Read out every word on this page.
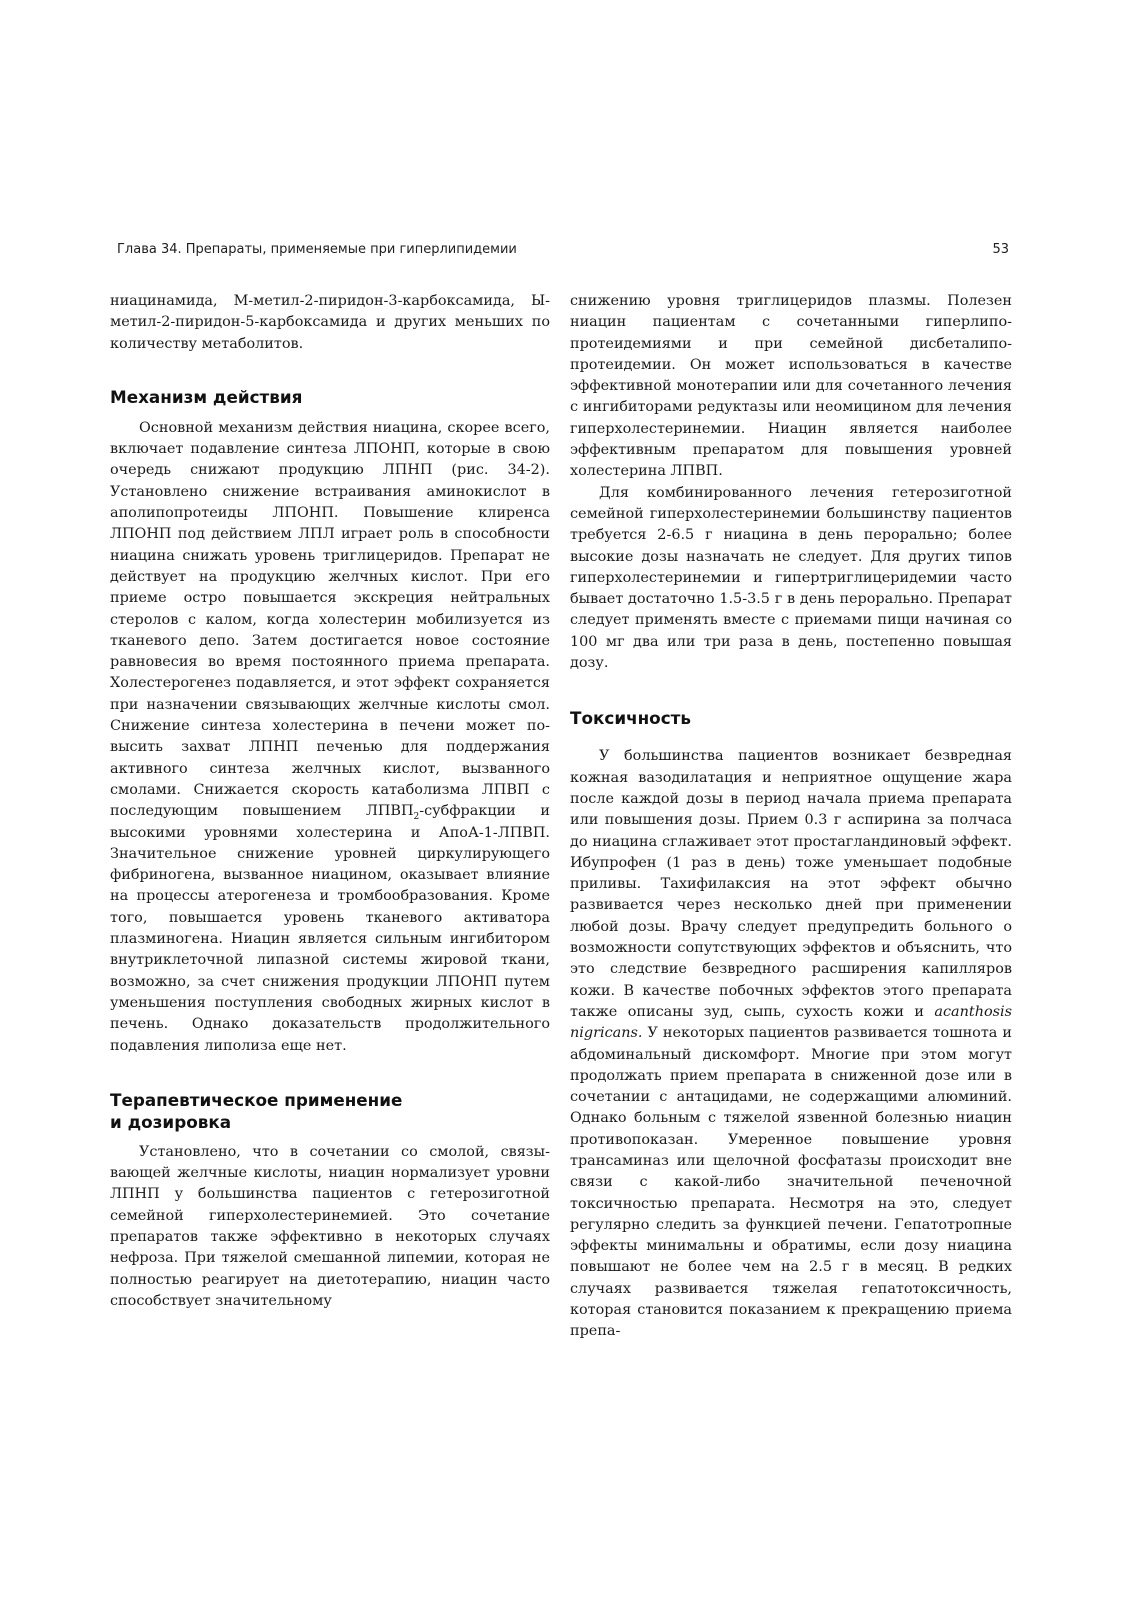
Глава 34. Препараты, применяемые при гиперлипидемии	53

ниацинамида, М-метил-2-пиридон-3-карбоксамида, Ы-метил-2-пиридон-5-карбоксамида и других меньших по количеству метаболитов.

Механизм действия

Основной механизм действия ниацина, скорее всего, включает подавление синтеза ЛПОНП, которые в свою очередь снижают продукцию ЛПНП (рис. 34-2). Установлено снижение встраивания аминокислот в аполипопротеиды ЛПОНП. Повышение клиренса ЛПОНП под действием ЛПЛ играет роль в способности ниацина снижать уровень триглицеридов. Препарат не действует на продукцию желчных кислот. При его приеме остро повышается экскреция нейтральных стеролов с калом, когда холестерин мобилизуется из тканевого депо. Затем достигается новое состояние равновесия во время постоянного приема препарата. Холестерогенез подавляется, и этот эффект сохраняется при назначении связывающих желчные кислоты смол. Снижение синтеза холестерина в печени может повысить захват ЛПНП печенью для поддержания активного синтеза желчных кислот, вызванного смолами. Снижается скорость катаболизма ЛПВП с последующим повышением $ЛПВП_2$-субфракции и высокими уровнями холестерина и АпоА-1-ЛПВП. Значительное снижение уровней циркулирующего фибриногена, вызванное ниацином, оказывает влияние на процессы атерогенеза и тромбообразования. Кроме того, повышается уровень тканевого активатора плазминогена. Ниацин является сильным ингибитором внутриклеточной липазной системы жировой ткани, возможно, за счет снижения продукции ЛПОНП путем уменьшения поступления свободных жирных кислот в печень. Однако доказательств продолжительного подавления липолиза еще нет.

Терапевтическое применение
и дозировка

Установлено, что в сочетании со смолой, связывающей желчные кислоты, ниацин нормализует уровни ЛПНП у большинства пациентов с гетерозиготной семейной гиперхолестеринемией. Это сочетание препаратов также эффективно в некоторых случаях нефроза. При тяжелой смешанной липемии, которая не полностью реагирует на диетотерапию, ниацин часто способствует значительному

снижению уровня триглицеридов плазмы. Полезен ниацин пациентам с сочетанными гиперлипопротеидемиями и при семейной дисбеталипопротеидемии. Он может использоваться в качестве эффективной монотерапии или для сочетанного лечения с ингибиторами редуктазы или неомицином для лечения гиперхолестеринемии. Ниацин является наиболее эффективным препаратом для повышения уровней холестерина ЛПВП.

Для комбинированного лечения гетерозиготной семейной гиперхолестеринемии большинству пациентов требуется 2-6.5 г ниацина в день перорально; более высокие дозы назначать не следует. Для других типов гиперхолестеринемии и гипертриглицеридемии часто бывает достаточно 1.5-3.5 г в день перорально. Препарат следует применять вместе с приемами пищи начиная со 100 мг два или три раза в день, постепенно повышая дозу.

Токсичность

У большинства пациентов возникает безвредная кожная вазодилатация и неприятное ощущение жара после каждой дозы в период начала приема препарата или повышения дозы. Прием 0.3 г аспирина за полчаса до ниацина сглаживает этот простагландиновый эффект. Ибупрофен (1 раз в день) тоже уменьшает подобные приливы. Тахифилаксия на этот эффект обычно развивается через несколько дней при применении любой дозы. Врачу следует предупредить больного о возможности сопутствующих эффектов и объяснить, что это следствие безвредного расширения капилляров кожи. В качестве побочных эффектов этого препарата также описаны зуд, сыпь, сухость кожи и acanthosis nigricans. У некоторых пациентов развивается тошнота и абдоминальный дискомфорт. Многие при этом могут продолжать прием препарата в сниженной дозе или в сочетании с антацидами, не содержащими алюминий. Однако больным с тяжелой язвенной болезнью ниацин противопоказан. Умеренное повышение уровня трансаминаз или щелочной фосфатазы происходит вне связи с какой-либо значительной печеночной токсичностью препарата. Несмотря на это, следует регулярно следить за функцией печени. Гепатотропные эффекты минимальны и обратимы, если дозу ниацина повышают не более чем на 2.5 г в месяц. В редких случаях развивается тяжелая гепатотоксичность, которая становится показанием к прекращению приема препа-
